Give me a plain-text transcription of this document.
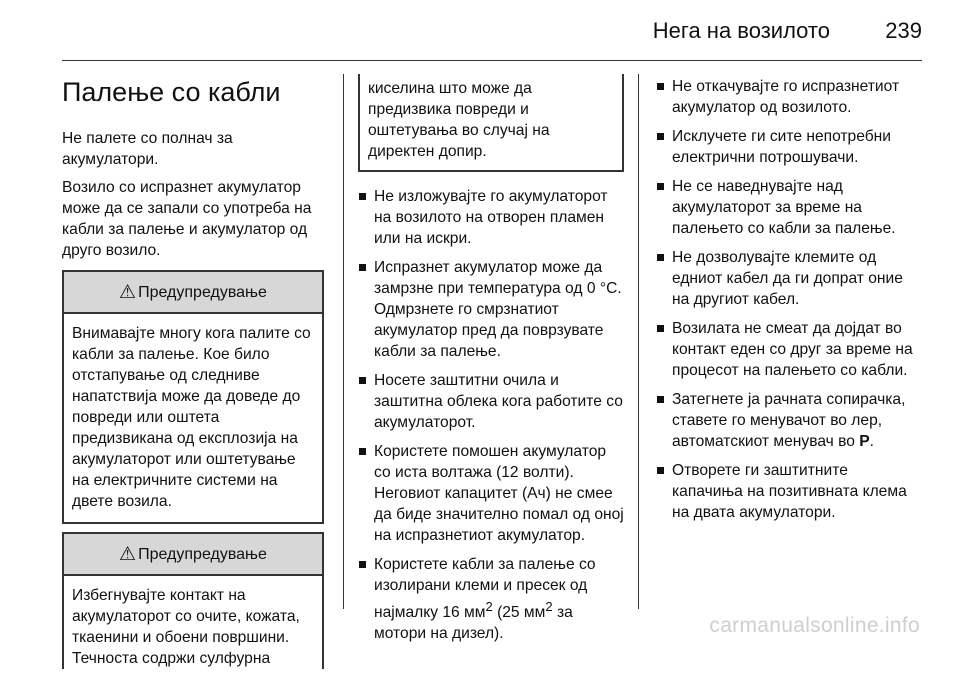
Нега на возилото	239
Палење со кабли

Не палете со полнач за акумулатори.

Возило со испразнет акумулатор може да се запали со употреба на кабли за палење и акумулатор од друго возило.

⚠ Предупредување
Внимавајте многу кога палите со кабли за палење. Кое било отстапување од следниве напатствија може да доведе до повреди или оштета предизвикана од експлозија на акумулаторот или оштетување на електричните системи на двете возила.
⚠ Предупредување
Избегнувајте контакт на акумулаторот со очите, кожата, ткаенини и обоени површини. Течноста содржи сулфурна
киселина што може да предизвика повреди и оштетувања во случај на директен допир.
Не изложувајте го акумулаторот на возилото на отворен пламен или на искри.
Испразнет акумулатор може да замрзне при температура од 0 °C. Одмрзнете го смрзнатиот акумулатор пред да поврзувате кабли за палење.
Носете заштитни очила и заштитна облека кога работите со акумулаторот.
Користете помошен акумулатор со иста волтажа (12 волти). Неговиот капацитет (Ач) не смее да биде значително помал од оној на испразнетиот акумулатор.
Користете кабли за палење со изолирани клеми и пресек од најмалку 16 $мм^2$ (25 $мм^2$ за мотори на дизел).
Не откачувајте го испразнетиот акумулатор од возилото.
Исклучете ги сите непотребни електрични потрошувачи.
Не се наведнувајте над акумулаторот за време на палењето со кабли за палење.
Не дозволувајте клемите од едниот кабел да ги допрат оние на другиот кабел.
Возилата не смеат да дојдат во контакт еден со друг за време на процесот на палењето со кабли.
Затегнете ја рачната сопирачка, ставете го менувачот во лер, автоматскиот менувач во P.
Отворете ги заштитните капачиња на позитивната клема на двата акумулатори.
carmanualsonline.info
